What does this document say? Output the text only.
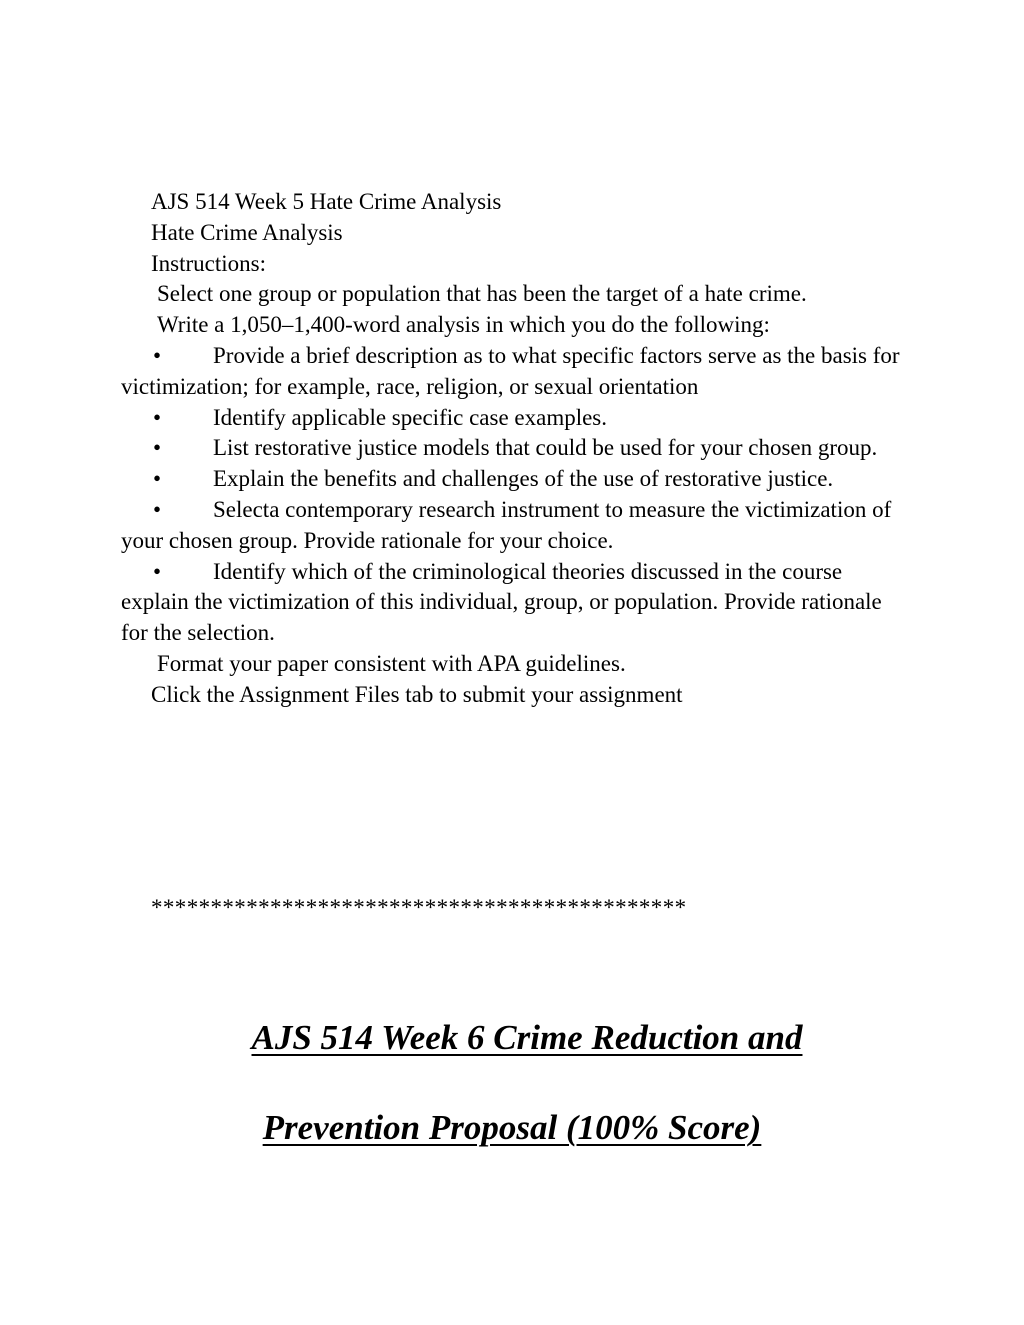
AJS 514 Week 5 Hate Crime Analysis

Hate Crime Analysis

Instructions:

Select one group or population that has been the target of a hate crime.

Write a 1,050–1,400-word analysis in which you do the following:

• Provide a brief description as to what specific factors serve as the basis for victimization; for example, race, religion, or sexual orientation

• Identify applicable specific case examples.

• List restorative justice models that could be used for your chosen group.

• Explain the benefits and challenges of the use of restorative justice.

• Selecta contemporary research instrument to measure the victimization of your chosen group. Provide rationale for your choice.

• Identify which of the criminological theories discussed in the course explain the victimization of this individual, group, or population. Provide rationale for the selection.

Format your paper consistent with APA guidelines.

Click the Assignment Files tab to submit your assignment

*********************************************
AJS 514 Week 6 Crime Reduction and
Prevention Proposal (100% Score)
